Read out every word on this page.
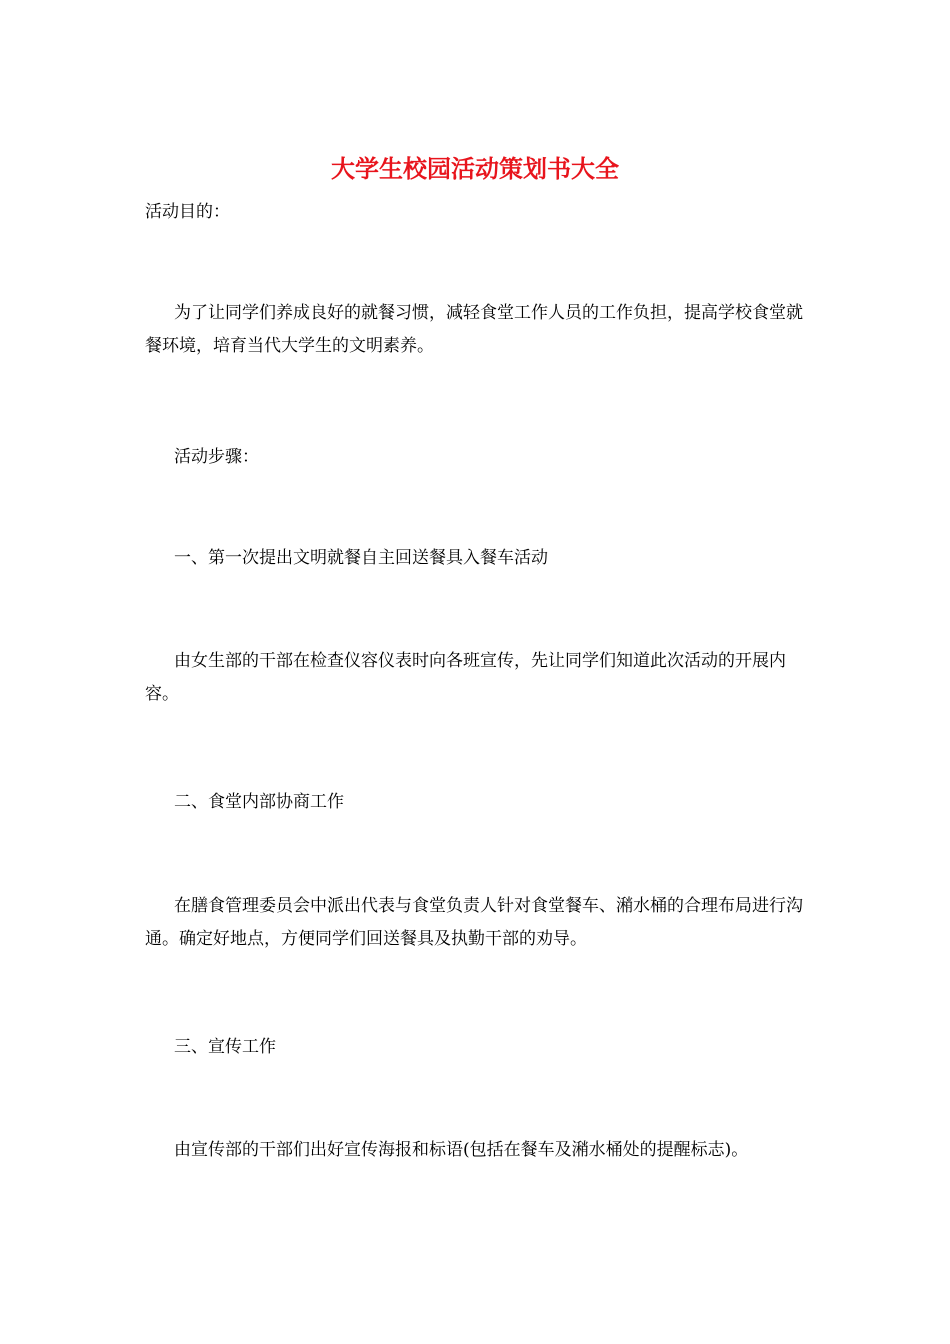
大学生校园活动策划书大全

活动目的：

为了让同学们养成良好的就餐习惯，减轻食堂工作人员的工作负担，提高学校食堂就餐环境，培育当代大学生的文明素养。

活动步骤：

一、第一次提出文明就餐自主回送餐具入餐车活动

由女生部的干部在检查仪容仪表时向各班宣传，先让同学们知道此次活动的开展内容。

二、食堂内部协商工作

在膳食管理委员会中派出代表与食堂负责人针对食堂餐车、潲水桶的合理布局进行沟通。确定好地点，方便同学们回送餐具及执勤干部的劝导。

三、宣传工作

由宣传部的干部们出好宣传海报和标语(包括在餐车及潲水桶处的提醒标志)。
